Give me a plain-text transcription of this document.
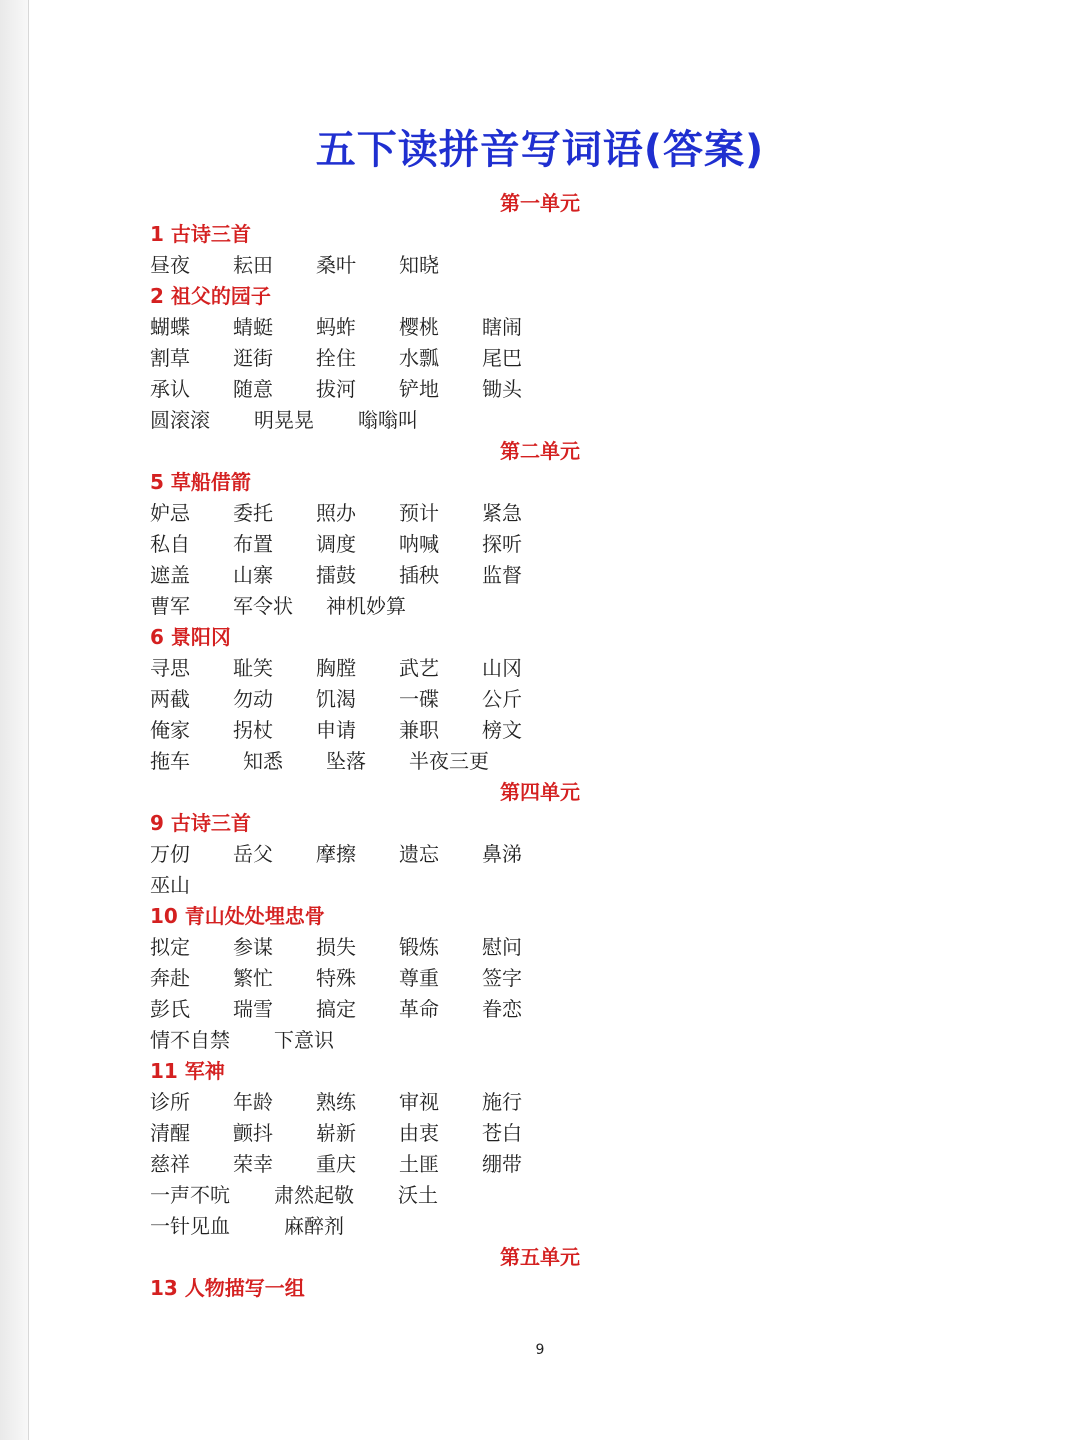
五下读拼音写词语(答案)
第一单元
1 古诗三首
昼夜 耘田 桑叶 知晓
2 祖父的园子
蝴蝶 蜻蜓 蚂蚱 樱桃 瞎闹
割草 逛街 拴住 水瓢 尾巴
承认 随意 拔河 铲地 锄头
圆滚滚 明晃晃 嗡嗡叫
第二单元
5 草船借箭
妒忌 委托 照办 预计 紧急
私自 布置 调度 呐喊 探听
遮盖 山寨 擂鼓 插秧 监督
曹军 军令状 神机妙算
6 景阳冈
寻思 耻笑 胸膛 武艺 山冈
两截 勿动 饥渴 一碟 公斤
俺家 拐杖 申请 兼职 榜文
拖车	知悉 坠落 半夜三更
第四单元
9 古诗三首
万仞 岳父 摩擦 遗忘 鼻涕
巫山
10 青山处处埋忠骨
拟定 参谋 损失 锻炼 慰问
奔赴 繁忙 特殊 尊重 签字
彭氏 瑞雪 搞定 革命 眷恋
情不自禁 下意识
11 军神
诊所 年龄 熟练 审视 施行
清醒 颤抖 崭新 由衷 苍白
慈祥 荣幸 重庆 土匪 绷带
一声不吭 肃然起敬 沃土
一针见血	麻醉剂
第五单元
13 人物描写一组
9
